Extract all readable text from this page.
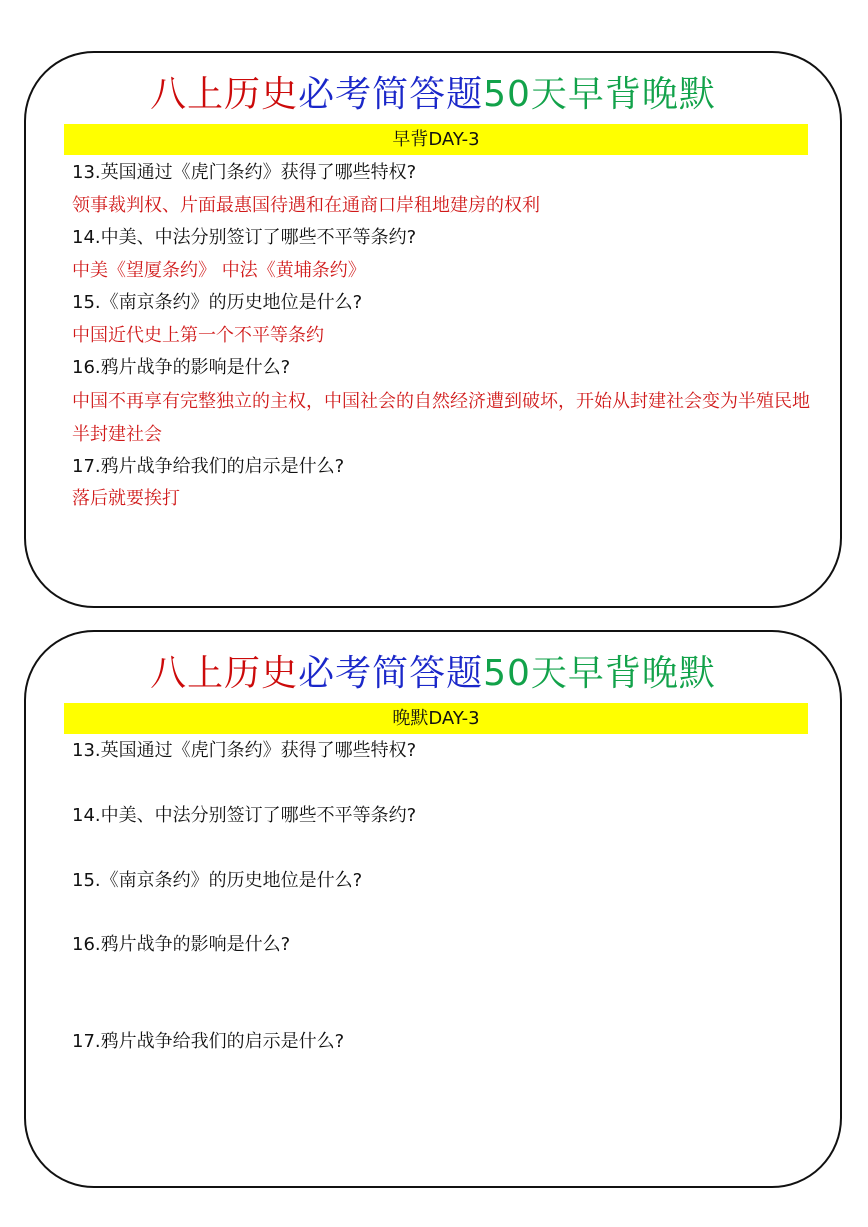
八上历史必考简答题50天早背晚默
早背DAY-3
13.英国通过《虎门条约》获得了哪些特权?
领事裁判权、片面最惠国待遇和在通商口岸租地建房的权利
14.中美、中法分别签订了哪些不平等条约?
中美《望厦条约》 中法《黄埔条约》
15.《南京条约》的历史地位是什么?
中国近代史上第一个不平等条约
16.鸦片战争的影响是什么?
中国不再享有完整独立的主权，中国社会的自然经济遭到破坏，开始从封建社会变为半殖民地半封建社会
17.鸦片战争给我们的启示是什么?
落后就要挨打
八上历史必考简答题50天早背晚默
晚默DAY-3
13.英国通过《虎门条约》获得了哪些特权?
14.中美、中法分别签订了哪些不平等条约?
15.《南京条约》的历史地位是什么?
16.鸦片战争的影响是什么?
17.鸦片战争给我们的启示是什么?
